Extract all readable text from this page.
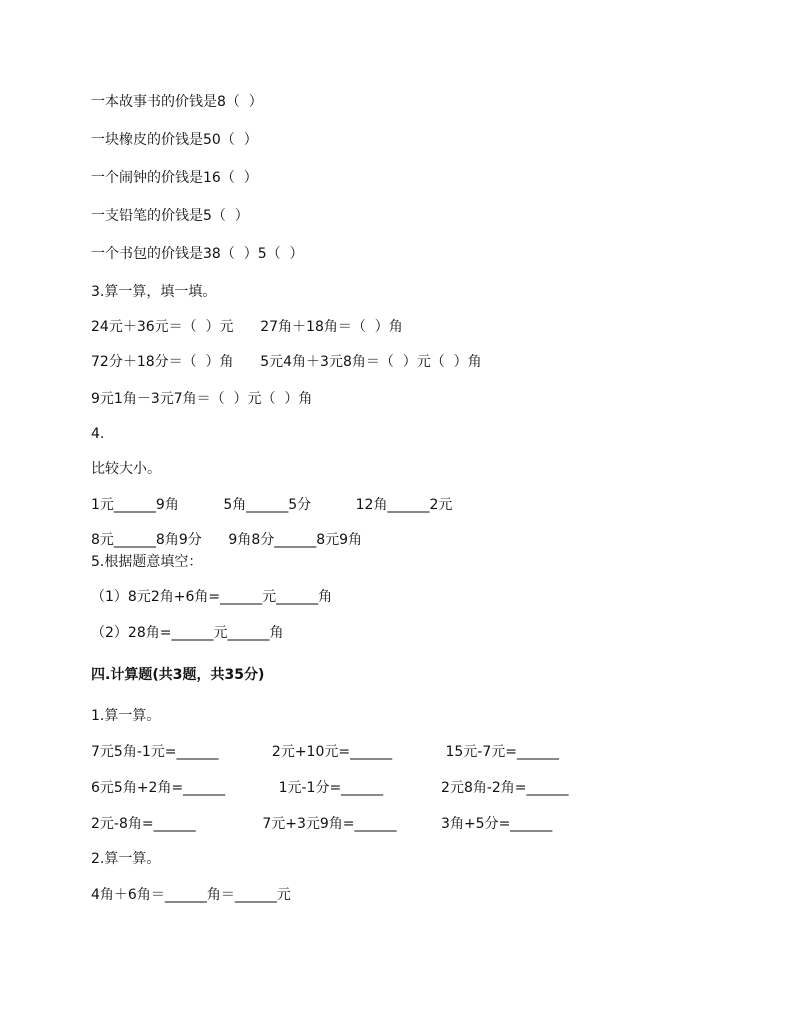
一本故事书的价钱是8（  ）
一块橡皮的价钱是50（  ）
一个闹钟的价钱是16（  ）
一支铅笔的价钱是5（  ）
一个书包的价钱是38（  ）5（  ）
3.算一算，填一填。
24元＋36元＝（  ）元      27角＋18角＝（  ）角
72分＋18分＝（  ）角      5元4角＋3元8角＝（  ）元（  ）角
9元1角－3元7角＝（  ）元（  ）角
4.
比较大小。
1元______9角          5角______5分          12角______2元
8元______8角9分      9角8分______8元9角
5.根据题意填空：
（1）8元2角+6角=______元______角
（2）28角=______元______角
四.计算题(共3题，共35分)
1.算一算。
7元5角-1元=______            2元+10元=______            15元-7元=______
6元5角+2角=______            1元-1分=______             2元8角-2角=______
2元-8角=______               7元+3元9角=______          3角+5分=______
2.算一算。
4角＋6角＝______角＝______元
